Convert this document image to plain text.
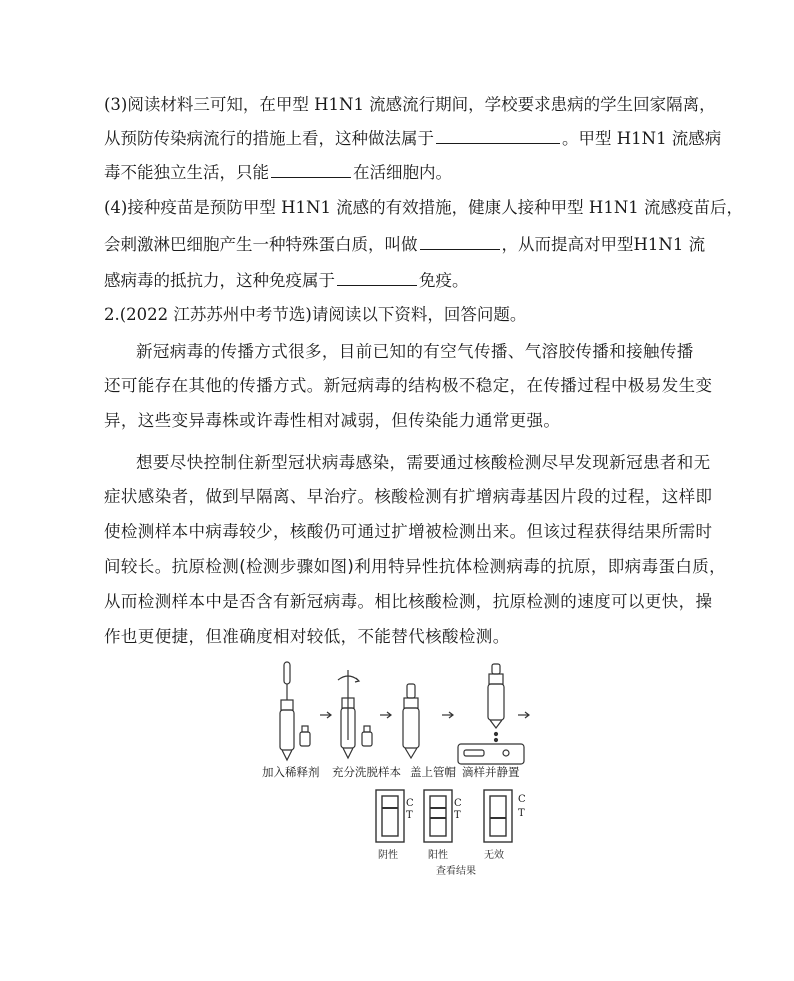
(3)阅读材料三可知，在甲型 H1N1 流感流行期间，学校要求患病的学生回家隔离，
从预防传染病流行的措施上看，这种做法属于	。甲型 H1N1 流感病
毒不能独立生活，只能	在活细胞内。
(4)接种疫苗是预防甲型 H1N1 流感的有效措施，健康人接种甲型 H1N1 流感疫苗后，
会刺激淋巴细胞产生一种特殊蛋白质，叫做	，从而提高对甲型H1N1 流
感病毒的抵抗力，这种免疫属于	免疫。
2.(2022 江苏苏州中考节选)请阅读以下资料，回答问题。
新冠病毒的传播方式很多，目前已知的有空气传播、气溶胶传播和接触传播
还可能存在其他的传播方式。新冠病毒的结构极不稳定，在传播过程中极易发生变
异，这些变异毒株或许毒性相对减弱，但传染能力通常更强。
想要尽快控制住新型冠状病毒感染，需要通过核酸检测尽早发现新冠患者和无
症状感染者，做到早隔离、早治疗。核酸检测有扩增病毒基因片段的过程，这样即
使检测样本中病毒较少，核酸仍可通过扩增被检测出来。但该过程获得结果所需时
间较长。抗原检测(检测步骤如图)利用特异性抗体检测病毒的抗原，即病毒蛋白质，
从而检测样本中是否含有新冠病毒。相比核酸检测，抗原检测的速度可以更快，操
作也更便捷，但准确度相对较低，不能替代核酸检测。
加入稀释剂 充分洗脱样本 盖上管帽 滴样并静置
C
T
C
T
C
T
阴性	阳性	无效
查看结果
